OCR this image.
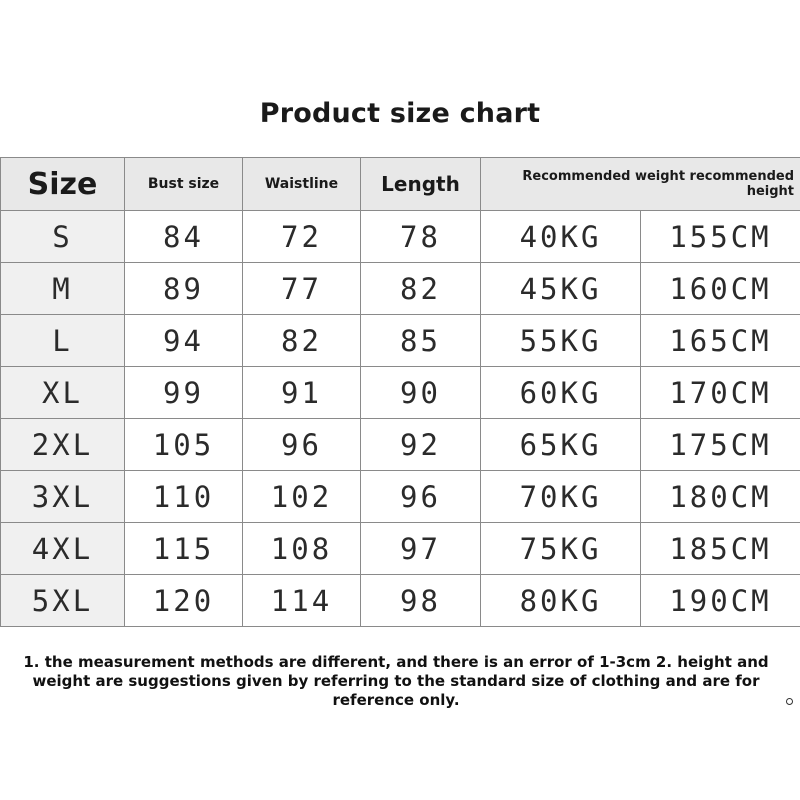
Product size chart
Size	Bust size	Waistline	Length	Recommended weight recommended height	
S	84	72	78	40KG	155CM
M	89	77	82	45KG	160CM
L	94	82	85	55KG	165CM
XL	99	91	90	60KG	170CM
2XL	105	96	92	65KG	175CM
3XL	110	102	96	70KG	180CM
4XL	115	108	97	75KG	185CM
5XL	120	114	98	80KG	190CM
1. the measurement methods are different, and there is an error of 1-3cm 2. height and weight are suggestions given by referring to the standard size of clothing and are for reference only.
